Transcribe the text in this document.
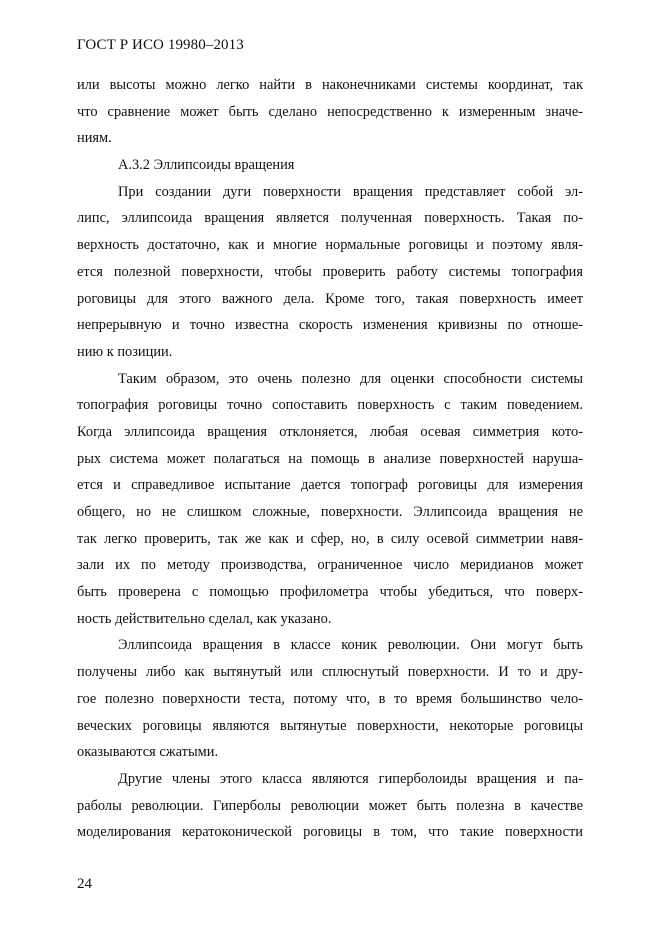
ГОСТ Р ИСО 19980–2013
или высоты можно легко найти в наконечниками системы координат, так
что сравнение может быть сделано непосредственно к измеренным значе-
ниям.
А.3.2 Эллипсоиды вращения
При создании дуги поверхности вращения представляет собой эл-
липс, эллипсоида вращения является полученная поверхность. Такая по-
верхность достаточно, как и многие нормальные роговицы и поэтому явля-
ется полезной поверхности, чтобы проверить работу системы топография
роговицы для этого важного дела. Кроме того, такая поверхность имеет
непрерывную и точно известна скорость изменения кривизны по отноше-
нию к позиции.
Таким образом, это очень полезно для оценки способности системы
топография роговицы точно сопоставить поверхность с таким поведением.
Когда эллипсоида вращения отклоняется, любая осевая симметрия кото-
рых система может полагаться на помощь в анализе поверхностей наруша-
ется и справедливое испытание дается топограф роговицы для измерения
общего, но не слишком сложные, поверхности. Эллипсоида вращения не
так легко проверить, так же как и сфер, но, в силу осевой симметрии навя-
зали их по методу производства, ограниченное число меридианов может
быть проверена с помощью профилометра чтобы убедиться, что поверх-
ность действительно сделал, как указано.
Эллипсоида вращения в классе коник революции. Они могут быть
получены либо как вытянутый или сплюснутый поверхности. И то и дру-
гое полезно поверхности теста, потому что, в то время большинство чело-
веческих роговицы являются вытянутые поверхности, некоторые роговицы
оказываются сжатыми.
Другие члены этого класса являются гиперболоиды вращения и па-
раболы революции. Гиперболы революции может быть полезна в качестве
моделирования кератоконической роговицы в том, что такие поверхности
24
